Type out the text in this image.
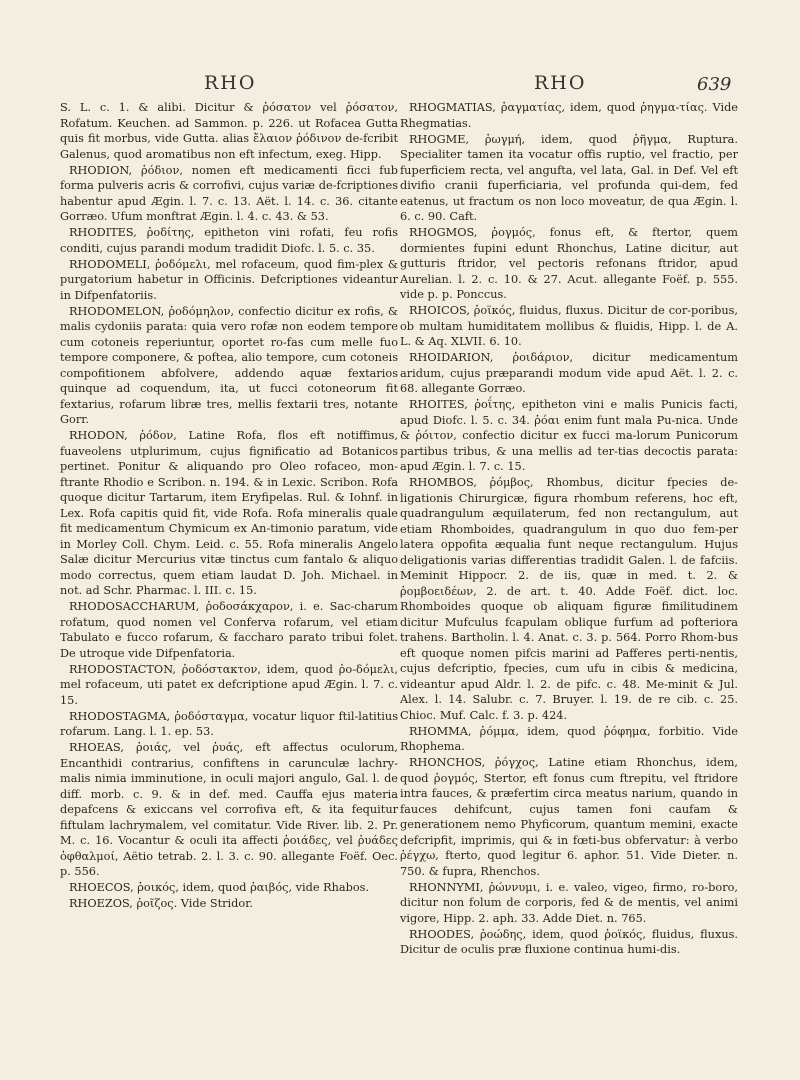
RHO	RHO	639

S. L. c. 1. & alibi. Dicitur & ῥόσατον vel ῥόσατον, Rofatum. Keuchen. ad Sammon. p. 226. ut Rofacea Gutta quis fit morbus, vide Gutta. alias ἔλαιον ῥόδινον de-fcribit Galenus, quod aromatibus non eft infectum, exeg. Hipp.

RHODION, ῥόδιον, nomen eft medicamenti ficci fub forma pulveris acris & corrofivi, cujus variæ de-fcriptiones habentur apud Ægin. l. 7. c. 13. Aët. l. 14. c. 36. citante Gorræo. Ufum monftrat Ægin. l. 4. c. 43. & 53.

RHODITES, ῥοδίτης, epitheton vini rofati, feu rofis conditi, cujus parandi modum tradidit Diofc. l. 5. c. 35.

RHODOMELI, ῥοδόμελι, mel rofaceum, quod fim-plex & purgatorium habetur in Officinis. Defcriptiones videantur in Difpenfatoriis.

RHODOMELON, ῥοδόμηλον, confectio dicitur ex rofis, & malis cydoniis parata: quia vero rofæ non eodem tempore cum cotoneis reperiuntur, oportet ro-fas cum melle fuo tempore componere, & poftea, alio tempore, cum cotoneis compofitionem abfolvere, addendo aquæ fextarios quinque ad coquendum, ita, ut fucci cotoneorum fit fextarius, rofarum libræ tres, mellis fextarii tres, notante Gorr.

RHODON, ῥόδον, Latine Rofa, flos eft notiffimus, fuaveolens utplurimum, cujus fignificatio ad Botanicos pertinet. Ponitur & aliquando pro Oleo rofaceo, mon-ftrante Rhodio e Scribon. n. 194. & in Lexic. Scribon. Rofa quoque dicitur Tartarum, item Eryfipelas. Rul. & Iohnf. in Lex. Rofa capitis quid fit, vide Rofa. Rofa mineralis quale fit medicamentum Chymicum ex An-timonio paratum, vide in Morley Coll. Chym. Leid. c. 55. Rofa mineralis Angelo Salæ dicitur Mercurius vitæ tinctus cum fantalo & aliquo modo correctus, quem etiam laudat D. Joh. Michael. in not. ad Schr. Pharmac. l. III. c. 15.

RHODOSACCHARUM, ῥοδοσάκχαρον, i. e. Sac-charum rofatum, quod nomen vel Conferva rofarum, vel etiam Tabulato e fucco rofarum, & faccharo parato tribui folet. De utroque vide Difpenfatoria.

RHODOSTACTON, ῥοδόστακτον, idem, quod ῥο-δόμελι, mel rofaceum, uti patet ex defcriptione apud Ægin. l. 7. c. 15.

RHODOSTAGMA, ῥοδόσταγμα, vocatur liquor ftil-latitius rofarum. Lang. l. 1. ep. 53.

RHOEAS, ῥοιάς, vel ῥυάς, eft affectus oculorum, Encanthidi contrarius, confiftens in carunculæ lachry-malis nimia imminutione, in oculi majori angulo, Gal. l. de diff. morb. c. 9. & in def. med. Cauffa ejus materia depafcens & exiccans vel corrofiva eft, & ita fequitur fiftulam lachrymalem, vel comitatur. Vide River. lib. 2. Pr. M. c. 16. Vocantur & oculi ita affecti ῥοιάδες, vel ῥυάδες ὀφθαλμοί, Aëtio tetrab. 2. l. 3. c. 90. allegante Foëf. Oec. p. 556.

RHOECOS, ῥοικός, idem, quod ῥαιβός, vide Rhabos.

RHOEZOS, ῥοῖζος. Vide Stridor.

RHOGMATIAS, ῥαγματίας, idem, quod ῥηγμα-τίας. Vide Rhegmatias.

RHOGME, ῥωγμή, idem, quod ῥῆγμα, Ruptura. Specialiter tamen ita vocatur offis ruptio, vel fractio, per fuperficiem recta, vel angufta, vel lata, Gal. in Def. Vel eft divifio cranii fuperficiaria, vel profunda qui-dem, fed eatenus, ut fractum os non loco moveatur, de qua Ægin. l. 6. c. 90. Caft.

RHOGMOS, ῥογμός, fonus eft, & ftertor, quem dormientes fupini edunt Rhonchus, Latine dicitur, aut gutturis ftridor, vel pectoris refonans ftridor, apud Aurelian. l. 2. c. 10. & 27. Acut. allegante Foëf. p. 555. vide p. p. Ponccus.

RHOICOS, ῥοϊκός, fluidus, fluxus. Dicitur de cor-poribus, ob multam humiditatem mollibus & fluidis, Hipp. l. de A. L. & Aq. XLVII. 6. 10.

RHOIDARION, ῥοιδάριον, dicitur medicamentum aridum, cujus præparandi modum vide apud Aët. l. 2. c. 68. allegante Gorræo.

RHOITES, ῥοΐτης, epitheton vini e malis Punicis facti, apud Diofc. l. 5. c. 34. ῥόαι enim funt mala Pu-nica. Unde & ῥόιτον, confectio dicitur ex fucci ma-lorum Punicorum partibus tribus, & una mellis ad ter-tias decoctis parata: apud Ægin. l. 7. c. 15.

RHOMBOS, ῥόμβος, Rhombus, dicitur fpecies de-ligationis Chirurgicæ, figura rhombum referens, hoc eft, quadrangulum æquilaterum, fed non rectangulum, aut etiam Rhomboides, quadrangulum in quo duo fem-per latera oppofita æqualia funt neque rectangulum. Hujus deligationis varias differentias tradidit Galen. l. de fafciis. Meminit Hippocr. 2. de iis, quæ in med. t. 2. & ῥομβοειδέων, 2. de art. t. 40. Adde Foëf. dict. loc. Rhomboides quoque ob aliquam figuræ fimilitudinem dicitur Mufculus fcapulam oblique furfum ad pofteriora trahens. Bartholin. l. 4. Anat. c. 3. p. 564. Porro Rhom-bus eft quoque nomen pifcis marini ad Pafferes perti-nentis, cujus defcriptio, fpecies, cum ufu in cibis & medicina, videantur apud Aldr. l. 2. de pifc. c. 48. Me-minit & Jul. Alex. l. 14. Salubr. c. 7. Bruyer. l. 19. de re cib. c. 25. Chioc. Muf. Calc. f. 3. p. 424.

RHOMMA, ῥόμμα, idem, quod ῥόφημα, forbitio. Vide Rhophema.

RHONCHOS, ῥόγχος, Latine etiam Rhonchus, idem, quod ῥογμός, Stertor, eft fonus cum ftrepitu, vel ftridore intra fauces, & præfertim circa meatus narium, quando in fauces dehifcunt, cujus tamen foni caufam & generationem nemo Phyficorum, quantum memini, exacte defcripfit, imprimis, qui & in fœti-bus obfervatur: à verbo ῥέγχω, fterto, quod legitur 6. aphor. 51. Vide Dieter. n. 750. & fupra, Rhenchos.

RHONNYMI, ῥώννυμι, i. e. valeo, vigeo, firmo, ro-boro, dicitur non folum de corporis, fed & de mentis, vel animi vigore, Hipp. 2. aph. 33. Adde Diet. n. 765.

RHOODES, ῥοώδης, idem, quod ῥοϊκός, fluidus, fluxus. Dicitur de oculis præ fluxione continua humi-dis.
